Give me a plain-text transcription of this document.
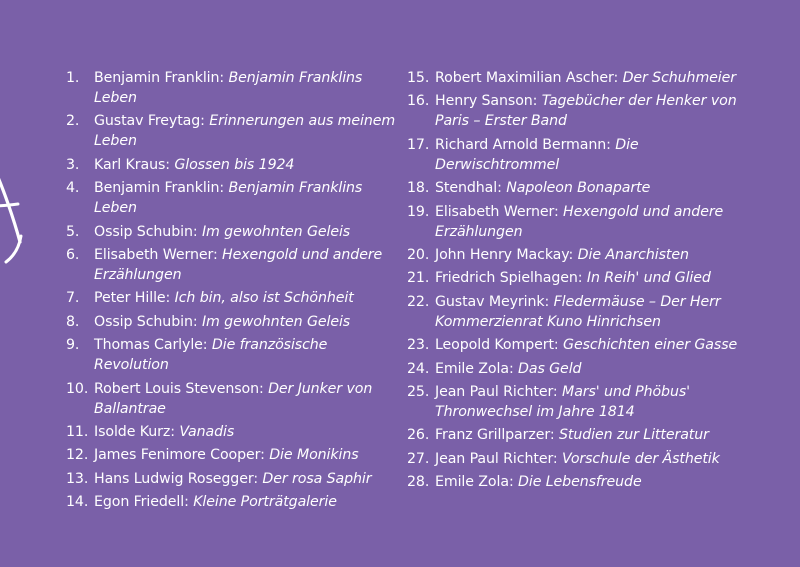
1.	Benjamin Franklin: Benjamin Franklins Leben
2.	Gustav Freytag: Erinnerungen aus meinem Leben
3.	Karl Kraus: Glossen bis 1924
4.	Benjamin Franklin: Benjamin Franklins Leben
5.	Ossip Schubin: Im gewohnten Geleis
6.	Elisabeth Werner: Hexengold und andere Erzählungen
7.	Peter Hille: Ich bin, also ist Schönheit
8.	Ossip Schubin: Im gewohnten Geleis
9.	Thomas Carlyle: Die französische Revolution
10. Robert Louis Stevenson: Der Junker von Ballantrae
11. Isolde Kurz: Vanadis
12. James Fenimore Cooper: Die Monikins
13. Hans Ludwig Rosegger: Der rosa Saphir
14. Egon Friedell: Kleine Porträtgalerie
15. Robert Maximilian Ascher: Der Schuhmeier
16. Henry Sanson: Tagebücher der Henker von Paris – Erster Band
17. Richard Arnold Bermann: Die Derwischtrommel
18. Stendhal: Napoleon Bonaparte
19. Elisabeth Werner: Hexengold und andere Erzählungen
20. John Henry Mackay: Die Anarchisten
21. Friedrich Spielhagen: In Reih' und Glied
22. Gustav Meyrink: Fledermäuse – Der Herr Kommerzienrat Kuno Hinrichsen
23. Leopold Kompert: Geschichten einer Gasse
24. Emile Zola: Das Geld
25. Jean Paul Richter: Mars' und Phöbus' Thronwechsel im Jahre 1814
26. Franz Grillparzer: Studien zur Litteratur
27. Jean Paul Richter: Vorschule der Ästhetik
28. Emile Zola: Die Lebensfreude
